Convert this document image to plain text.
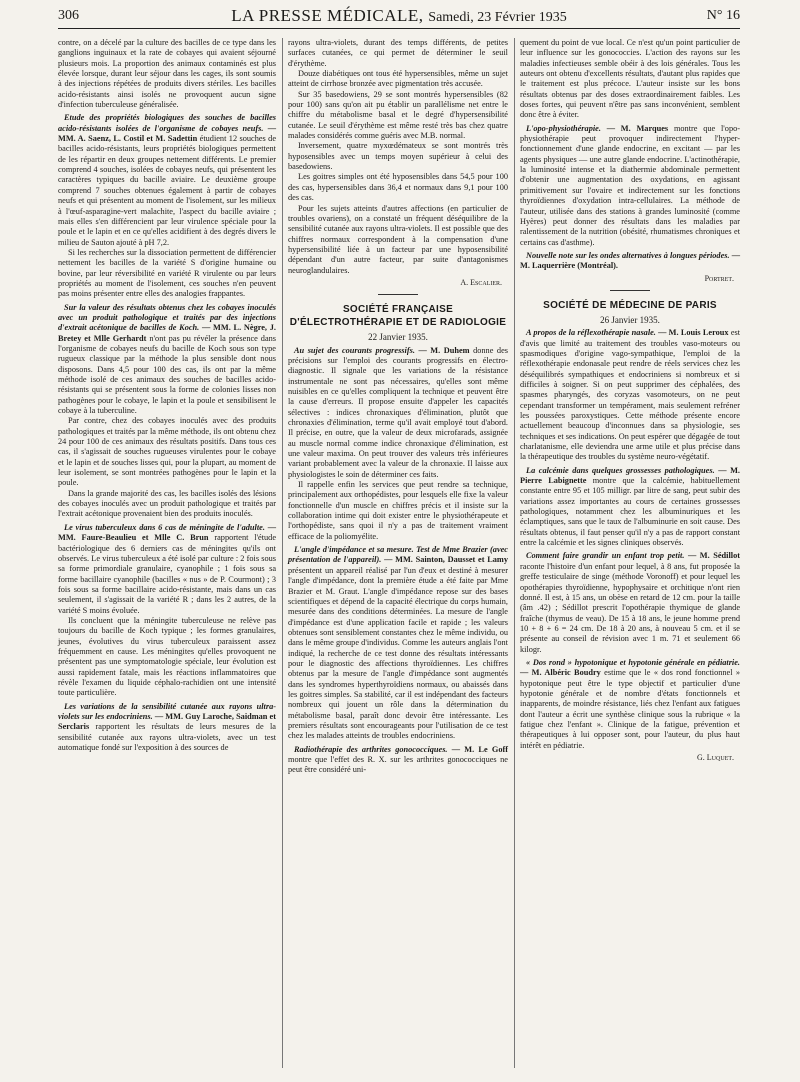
306	LA PRESSE MÉDICALE, Samedi, 23 Février 1935	N° 16

contre, on a décelé par la culture des bacilles de ce type dans les ganglions inguinaux et la rate de cobayes qui avaient séjourné plusieurs mois. La proportion des animaux contaminés est plus élevée lorsque, durant leur séjour dans les cages, ils sont soumis à des injections répétées de produits divers stériles. Les bacilles acido-résistants ainsi isolés ne provoquent aucun signe d'infection tuberculeuse généralisée.

Etude des propriétés biologiques des souches de bacilles acido-résistants isolées de l'organisme de cobayes neufs. — MM. A. Saenz, L. Costil et M. Sadettin étudient 12 souches de bacilles acido-résistants, leurs propriétés biologiques permettent de les répartir en deux groupes nettement différents. Le premier comprend 4 souches, isolées de cobayes neufs, qui présentent les caractères typiques du bacille aviaire. Le deuxième groupe comprend 7 souches obtenues également à partir de cobayes neufs et qui présentent au moment de l'isolement, sur les milieux à l'œuf-asparagine-vert malachite, l'aspect du bacille aviaire ; mais elles s'en différencient par leur virulence spéciale pour la poule et le lapin et en ce qu'elles acidifient à des degrés divers le milieu de Sauton ajouté à pH 7,2.

Si les recherches sur la dissociation permettent de différencier nettement les bacilles de la variété S d'origine humaine ou bovine, par leur réversibilité en variété R virulente ou par leurs propriétés au moment de l'isolement, ces souches n'en peuvent pas moins présenter entre elles des analogies frappantes.

Sur la valeur des résultats obtenus chez les cobayes inoculés avec un produit pathologique et traités par des injections d'extrait acétonique de bacilles de Koch. — MM. L. Nègre, J. Bretey et Mlle Gerhardt n'ont pas pu révéler la présence dans l'organisme de cobayes neufs du bacille de Koch sous son type rugueux classique par la méthode la plus sensible dont nous disposons. Dans 4,5 pour 100 des cas, ils ont par la même méthode isolé de ces animaux des souches de bacilles acido-résistants qui se présentent sous la forme de colonies lisses non pathogènes pour le cobaye, le lapin et la poule et sensibilisent le cobaye à la tuberculine.

Par contre, chez des cobayes inoculés avec des produits pathologiques et traités par la même méthode, ils ont obtenu chez 24 pour 100 de ces animaux des résultats positifs. Dans tous ces cas, il s'agissait de souches rugueuses virulentes pour le cobaye et le lapin et de souches lisses qui, pour la plupart, au moment de leur isolement, se sont montrées pathogènes pour le lapin et la poule.

Dans la grande majorité des cas, les bacilles isolés des lésions des cobayes inoculés avec un produit pathologique et traités par l'extrait acétonique provenaient bien des produits inoculés.

Le virus tuberculeux dans 6 cas de méningite de l'adulte. — MM. Faure-Beaulieu et Mlle C. Brun rapportent l'étude bactériologique des 6 derniers cas de méningites qu'ils ont observés. Le virus tuberculeux a été isolé par culture : 2 fois sous sa forme primordiale granulaire, cyanophile ; 1 fois sous sa forme bacillaire cyanophile (bacilles « nus » de P. Courmont) ; 3 fois sous sa forme bacillaire acido-résistante, mais dans un cas seulement, il s'agissait de la variété R ; dans les 2 autres, de la variété S moins évoluée.

Ils concluent que la méningite tuberculeuse ne relève pas toujours du bacille de Koch typique ; les formes granulaires, jeunes, évolutives du virus tuberculeux paraissent assez fréquemment en cause. Les méningites qu'elles provoquent ne présentent pas une symptomatologie spéciale, leur évolution est aussi rapidement fatale, mais les réactions inflammatoires que révèle l'examen du liquide céphalo-rachidien ont une intensité toute particulière.

Les variations de la sensibilité cutanée aux rayons ultra-violets sur les endocriniens. — MM. Guy Laroche, Saidman et Serclaris rapportent les résultats de leurs mesures de la sensibilité cutanée aux rayons ultra-violets, avec un test automatique fondé sur l'exposition à des sources de

rayons ultra-violets, durant des temps différents, de petites surfaces cutanées, ce qui permet de déterminer le seuil d'érythème.

Douze diabétiques ont tous été hypersensibles, même un sujet atteint de cirrhose bronzée avec pigmentation très accusée.

Sur 35 basedowiens, 29 se sont montrés hypersensibles (82 pour 100) sans qu'on ait pu établir un parallélisme net entre le chiffre du métabolisme basal et le degré d'hypersensibilité cutanée. Le seuil d'érythème est même resté très bas chez quatre malades considérés comme guéris avec M.B. normal.

Inversement, quatre myxœdémateux se sont montrés très hyposensibles avec un temps moyen supérieur à celui des basedowiens.

Les goitres simples ont été hyposensibles dans 54,5 pour 100 des cas, hypersensibles dans 36,4 et normaux dans 9,1 pour 100 des cas.

Pour les sujets atteints d'autres affections (en particulier de troubles ovariens), on a constaté un fréquent déséquilibre de la sensibilité cutanée aux rayons ultra-violets. Il est possible que des chiffres normaux correspondent à la compensation d'une hypersensibilité liée à un facteur par une hyposensibilité dépendant d'un autre facteur, par suite d'antagonismes neuroglandulaires.

A. Escalier.
SOCIÉTÉ FRANÇAISE
D'ÉLECTROTHÉRAPIE ET DE RADIOLOGIE
22 Janvier 1935.

Au sujet des courants progressifs. — M. Duhem donne des précisions sur l'emploi des courants progressifs en électro-diagnostic. Il signale que les variations de la résistance instrumentale ne sont pas nécessaires, qu'elles sont même nuisibles en ce qu'elles compliquent la technique et peuvent être la cause d'erreurs. Il propose ensuite d'appeler les capacités sélectives : indices chronaxiques d'élimination, plutôt que chronaxies d'élimination, terme qu'il avait employé tout d'abord. Il précise, en outre, que la valeur de deux microfarads, assignée au muscle normal comme indice chronaxique d'élimination, est une valeur maxima. On peut trouver des valeurs très inférieures variant probablement avec la valeur de la chronaxie. Il laisse aux physiologistes le soin de déterminer ces faits.

Il rappelle enfin les services que peut rendre sa technique, principalement aux orthopédistes, pour lesquels elle fixe la valeur fonctionnelle d'un muscle en chiffres précis et il insiste sur la collaboration intime qui doit exister entre le physiothérapeute et l'orthopédiste, sans quoi il n'y a pas de traitement vraiment efficace de la poliomyélite.

L'angle d'impédance et sa mesure. Test de Mme Brazier (avec présentation de l'appareil). — MM. Sainton, Dausset et Lamy présentent un appareil réalisé par l'un d'eux et destiné à mesurer l'angle d'impédance, dont la première étude a été faite par Mme Brazier et M. Graut. L'angle d'impédance repose sur des bases scientifiques et dépend de la capacité électrique du corps humain, mesurée dans des conditions déterminées. La mesure de l'angle d'impédance est d'une application facile et rapide ; les valeurs obtenues sont sensiblement constantes chez le même individu, ou dans le même groupe d'individus. Comme les auteurs anglais l'ont indiqué, la recherche de ce test donne des résultats intéressants pour le diagnostic des affections thyroïdiennes. Les chiffres obtenus par la mesure de l'angle d'impédance sont augmentés dans les syndromes hyperthyroïdiens normaux, ou abaissés dans les goitres simples. Sa stabilité, car il est indépendant des facteurs nombreux qui jouent un rôle dans la détermination du métabolisme basal, paraît donc devoir être intéressante. Les premiers résultats sont encourageants pour l'utilisation de ce test chez les malades atteints de troubles endocriniens.

Radiothérapie des arthrites gonococciques. — M. Le Goff montre que l'effet des R. X. sur les arthrites gonococciques ne peut être considéré uni-

quement du point de vue local. Ce n'est qu'un point particulier de leur influence sur les gonococcies. L'action des rayons sur les maladies infectieuses semble obéir à des lois générales. Tous les auteurs ont obtenu d'excellents résultats, d'autant plus rapides que le traitement est plus précoce. L'auteur insiste sur les bons résultats obtenus par des doses extraordinairement faibles. Les doses fortes, qui peuvent n'être pas sans inconvénient, semblent donc être à éviter.

L'opo-physiothérapie. — M. Marques montre que l'opo-physiothérapie peut provoquer indirectement l'hyper-fonctionnement d'une glande endocrine, en excitant — par les agents physiques — une autre glande endocrine. L'actinothérapie, la luminosité intense et la diathermie abdominale permettent d'obtenir une augmentation des oxydations, en agissant primitivement sur l'ovaire et indirectement sur les fonctions thyroïdiennes d'oxydation intra-cellulaires. La méthode de l'auteur, utilisée dans des stations à grandes luminosité (comme Hyères) peut donner des résultats dans les maladies par ralentissement de la nutrition (obésité, rhumatismes chroniques et certains cas d'asthme).

Nouvelle note sur les ondes alternatives à longues périodes. — M. Laquerrière (Montréal).

Portret.
SOCIÉTÉ DE MÉDECINE DE PARIS
26 Janvier 1935.

A propos de la réflexothérapie nasale. — M. Louis Leroux est d'avis que limité au traitement des troubles vaso-moteurs ou spasmodiques d'origine vago-sympathique, l'emploi de la réflexothérapie endonasale peut rendre de réels services chez les déséquilibrés sympathiques et endocriniens si nombreux et si difficiles à soigner. Si on peut supprimer des céphalées, des spasmes pharyngés, des coryzas vasomoteurs, on ne peut cependant transformer un tempérament, mais seulement refréner les poussées paroxystiques. Cette méthode présente encore actuellement beaucoup d'inconnues dans sa physiologie, ses techniques et ses indications. On peut espérer que dégagée de tout charlatanisme, elle deviendra une arme utile et plus précise dans la thérapeutique des troubles du système neuro-végétatif.

La calcémie dans quelques grossesses pathologiques. — M. Pierre Labignette montre que la calcémie, habituellement constante entre 95 et 105 milligr. par litre de sang, peut subir des variations assez importantes au cours de certaines grossesses pathologiques, notamment chez les albuminuriques et les éclamptiques, sans que le taux de l'albuminurie en soit cause. Des résultats obtenus, il faut penser qu'il n'y a pas de rapport constant entre la calcémie et les signes cliniques observés.

Comment faire grandir un enfant trop petit. — M. Sédillot raconte l'histoire d'un enfant pour lequel, à 8 ans, fut proposée la greffe testiculaire de singe (méthode Voronoff) et pour lequel les opothérapies thyroïdienne, hypophysaire et orchitique n'ont rien donné. Il est, à 15 ans, un obèse en retard de 12 cm. pour la taille (âm .42) ; Sédillot prescrit l'opothérapie thymique de glande fraîche (thymus de veau). De 15 à 18 ans, le jeune homme prend 10 + 8 + 6 = 24 cm. De 18 à 20 ans, à nouveau 5 cm. et il se présente au conseil de révision avec 1 m. 71 et seulement 66 kilogr.

« Dos rond » hypotonique et hypotonie générale en pédiatrie. — M. Albéric Boudry estime que le « dos rond fonctionnel » hypotonique peut être le type objectif et particulier d'une hypotonie générale et de nombre d'états fonctionnels et inapparents, de moindre résistance, liés chez l'enfant aux fatigues dont l'auteur a écrit une synthèse clinique sous la rubrique « la fatigue chez l'enfant ». Clinique de la fatigue, prévention et thérapeutiques à lui opposer sont, pour l'auteur, du plus haut intérêt en pédiatrie.

G. Luquet.
